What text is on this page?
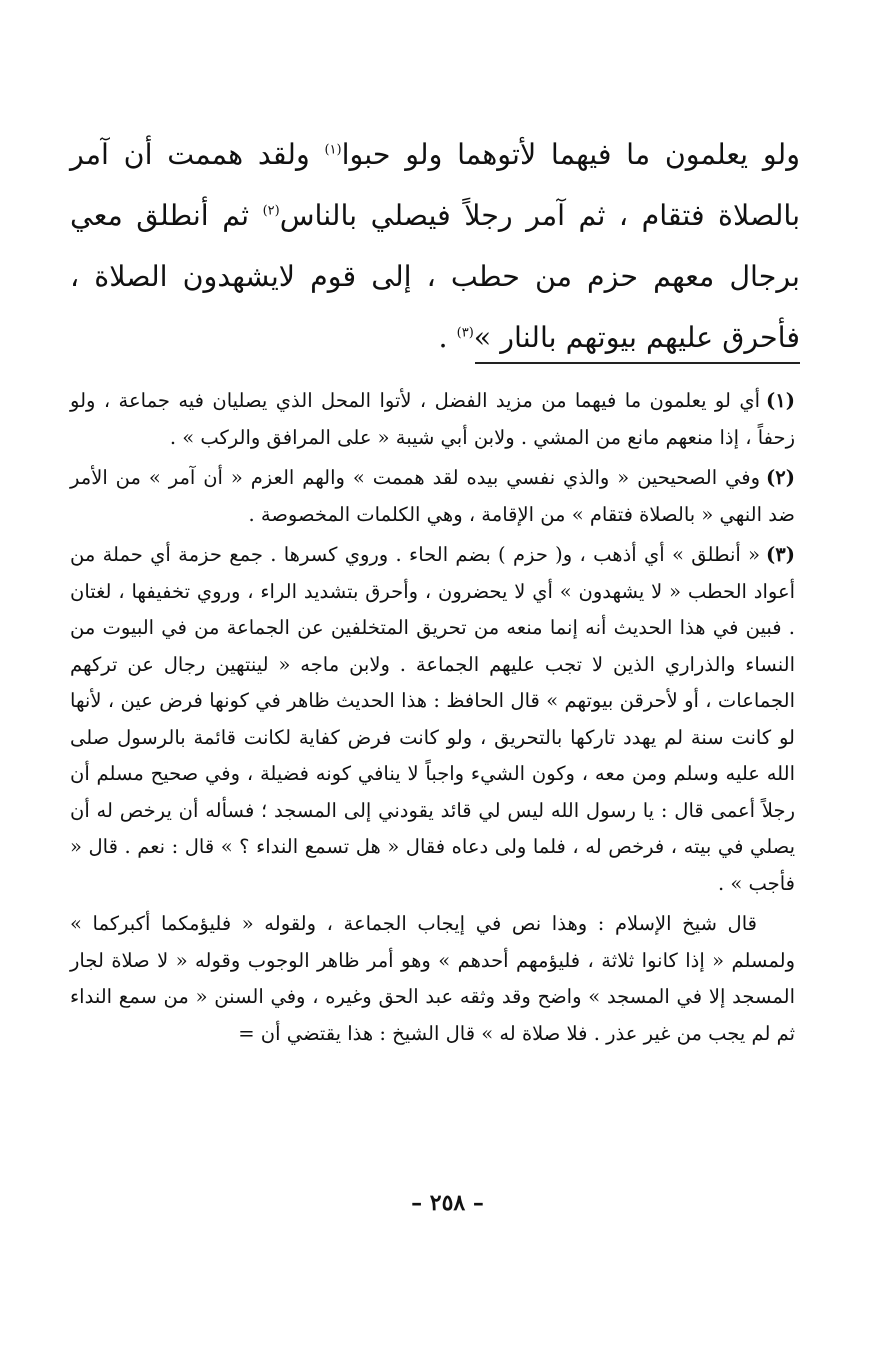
ولو يعلمون ما فيهما لأتوهما ولو حبوا$^{(١)}$ ولقد هممت أن آمر بالصلاة فتقام ، ثم آمر رجلاً فيصلي بالناس$^{(٢)}$ ثم أنطلق معي برجال معهم حزم من حطب ، إلى قوم لايشهدون الصلاة ، فأحرق عليهم بيوتهم بالنار »$^{(٣)}$ .

(١)أي لو يعلمون ما فيهما من مزيد الفضل ، لأتوا المحل الذي يصليان فيه جماعة ، ولو زحفاً ، إذا منعهم مانع من المشي . ولابن أبي شيبة « على المرافق والركب » .

(٢)وفي الصحيحين « والذي نفسي بيده لقد هممت » والهم العزم « أن آمر » من الأمر ضد النهي « بالصلاة فتقام » من الإقامة ، وهي الكلمات المخصوصة .

(٣)« أنطلق » أي أذهب ، و( حزم ) بضم الحاء . وروي كسرها . جمع حزمة أي حملة من أعواد الحطب « لا يشهدون » أي لا يحضرون ، وأحرق بتشديد الراء ، وروي تخفيفها ، لغتان . فبين في هذا الحديث أنه إنما منعه من تحريق المتخلفين عن الجماعة من في البيوت من النساء والذراري الذين لا تجب عليهم الجماعة . ولابن ماجه « لينتهين رجال عن تركهم الجماعات ، أو لأحرقن بيوتهم » قال الحافظ : هذا الحديث ظاهر في كونها فرض عين ، لأنها لو كانت سنة لم يهدد تاركها بالتحريق ، ولو كانت فرض كفاية لكانت قائمة بالرسول صلى الله عليه وسلم ومن معه ، وكون الشيء واجباً لا ينافي كونه فضيلة ، وفي صحيح مسلم أن رجلاً أعمى قال : يا رسول الله ليس لي قائد يقودني إلى المسجد ؛ فسأله أن يرخص له أن يصلي في بيته ، فرخص له ، فلما ولى دعاه فقال « هل تسمع النداء ؟ » قال : نعم . قال « فأجب » .

قال شيخ الإسلام : وهذا نص في إيجاب الجماعة ، ولقوله « فليؤمكما أكبركما » ولمسلم « إذا كانوا ثلاثة ، فليؤمهم أحدهم » وهو أمر ظاهر الوجوب وقوله « لا صلاة لجار المسجد إلا في المسجد » واضح وقد وثقه عبد الحق وغيره ، وفي السنن « من سمع النداء ثم لم يجب من غير عذر . فلا صلاة له » قال الشيخ : هذا يقتضي أن =

– ٢٥٨ –
